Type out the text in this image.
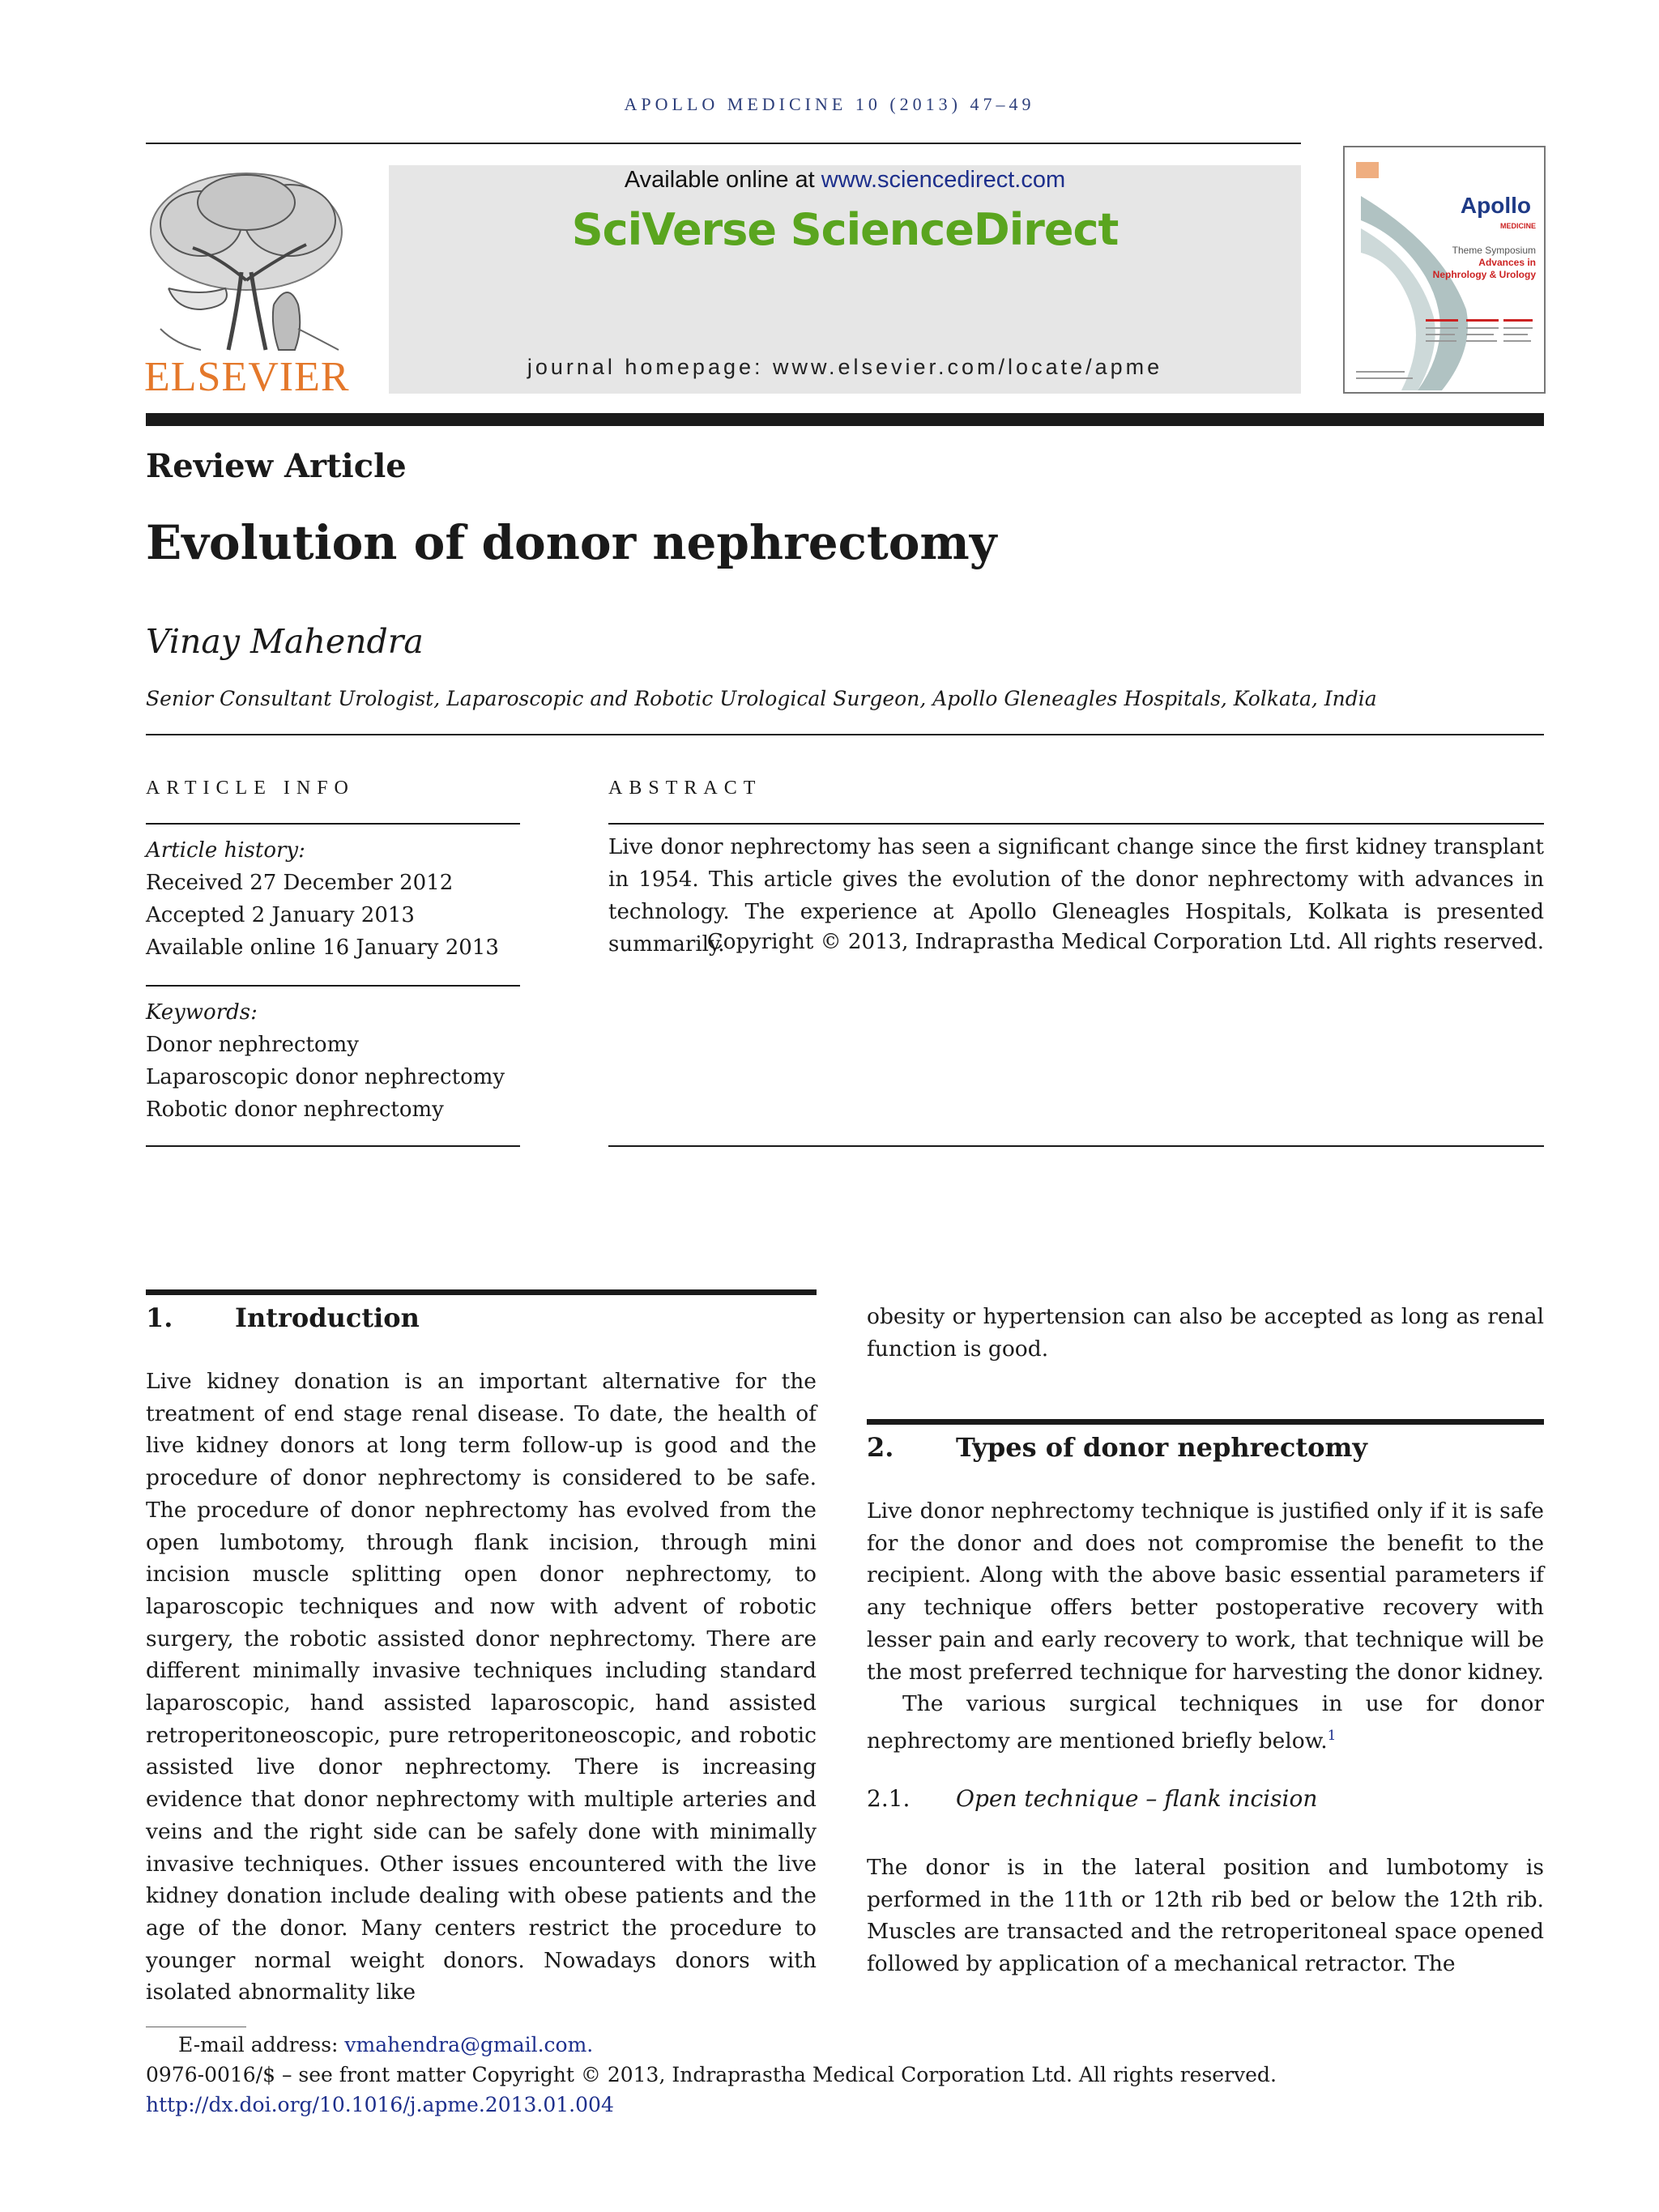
APOLLO MEDICINE 10 (2013) 47–49
ELSEVIER
Available online at www.sciencedirect.com
SciVerse ScienceDirect
journal homepage: www.elsevier.com/locate/apme
Apollo
MEDICINE
Theme Symposium
Advances in Nephrology & Urology
Review Article
Evolution of donor nephrectomy
Vinay Mahendra
Senior Consultant Urologist, Laparoscopic and Robotic Urological Surgeon, Apollo Gleneagles Hospitals, Kolkata, India
ARTICLE INFO
Article history:
Received 27 December 2012
Accepted 2 January 2013
Available online 16 January 2013
Keywords:
Donor nephrectomy
Laparoscopic donor nephrectomy
Robotic donor nephrectomy
ABSTRACT

Live donor nephrectomy has seen a significant change since the first kidney transplant in 1954. This article gives the evolution of the donor nephrectomy with advances in technology. The experience at Apollo Gleneagles Hospitals, Kolkata is presented summarily.

Copyright © 2013, Indraprastha Medical Corporation Ltd. All rights reserved.
1. Introduction

Live kidney donation is an important alternative for the treatment of end stage renal disease. To date, the health of live kidney donors at long term follow-up is good and the procedure of donor nephrectomy is considered to be safe. The procedure of donor nephrectomy has evolved from the open lumbotomy, through flank incision, through mini incision muscle splitting open donor nephrectomy, to laparoscopic techniques and now with advent of robotic surgery, the robotic assisted donor nephrectomy. There are different minimally invasive techniques including standard laparoscopic, hand assisted laparoscopic, hand assisted retroperitoneoscopic, pure retroperitoneoscopic, and robotic assisted live donor nephrectomy. There is increasing evidence that donor nephrectomy with multiple arteries and veins and the right side can be safely done with minimally invasive techniques. Other issues encountered with the live kidney donation include dealing with obese patients and the age of the donor. Many centers restrict the procedure to younger normal weight donors. Nowadays donors with isolated abnormality like

obesity or hypertension can also be accepted as long as renal function is good.

2. Types of donor nephrectomy

Live donor nephrectomy technique is justified only if it is safe for the donor and does not compromise the benefit to the recipient. Along with the above basic essential parameters if any technique offers better postoperative recovery with lesser pain and early recovery to work, that technique will be the most preferred technique for harvesting the donor kidney.

The various surgical techniques in use for donor nephrectomy are mentioned briefly below.$^1$

2.1. Open technique – flank incision

The donor is in the lateral position and lumbotomy is performed in the 11th or 12th rib bed or below the 12th rib. Muscles are transacted and the retroperitoneal space opened followed by application of a mechanical retractor. The

E-mail address: vmahendra@gmail.com.
0976-0016/$ – see front matter Copyright © 2013, Indraprastha Medical Corporation Ltd. All rights reserved.
http://dx.doi.org/10.1016/j.apme.2013.01.004
